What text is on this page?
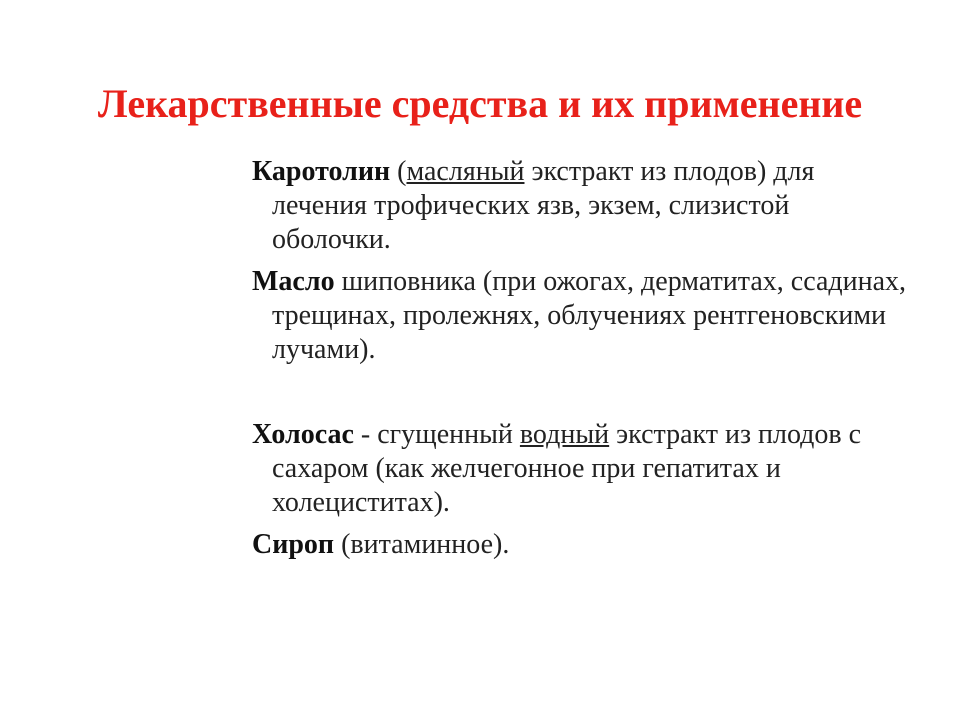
Лекарственные средства и их применение

Каротолин (масляный экстракт из плодов) для лечения трофических язв, экзем, слизистой оболочки.

Масло шиповника (при ожогах, дерматитах, ссадинах, трещинах, пролежнях, облучениях рентгеновскими лучами).

Холосас - сгущенный водный экстракт из плодов с сахаром (как желчегонное при гепатитах и холециститах).

Сироп (витаминное).
